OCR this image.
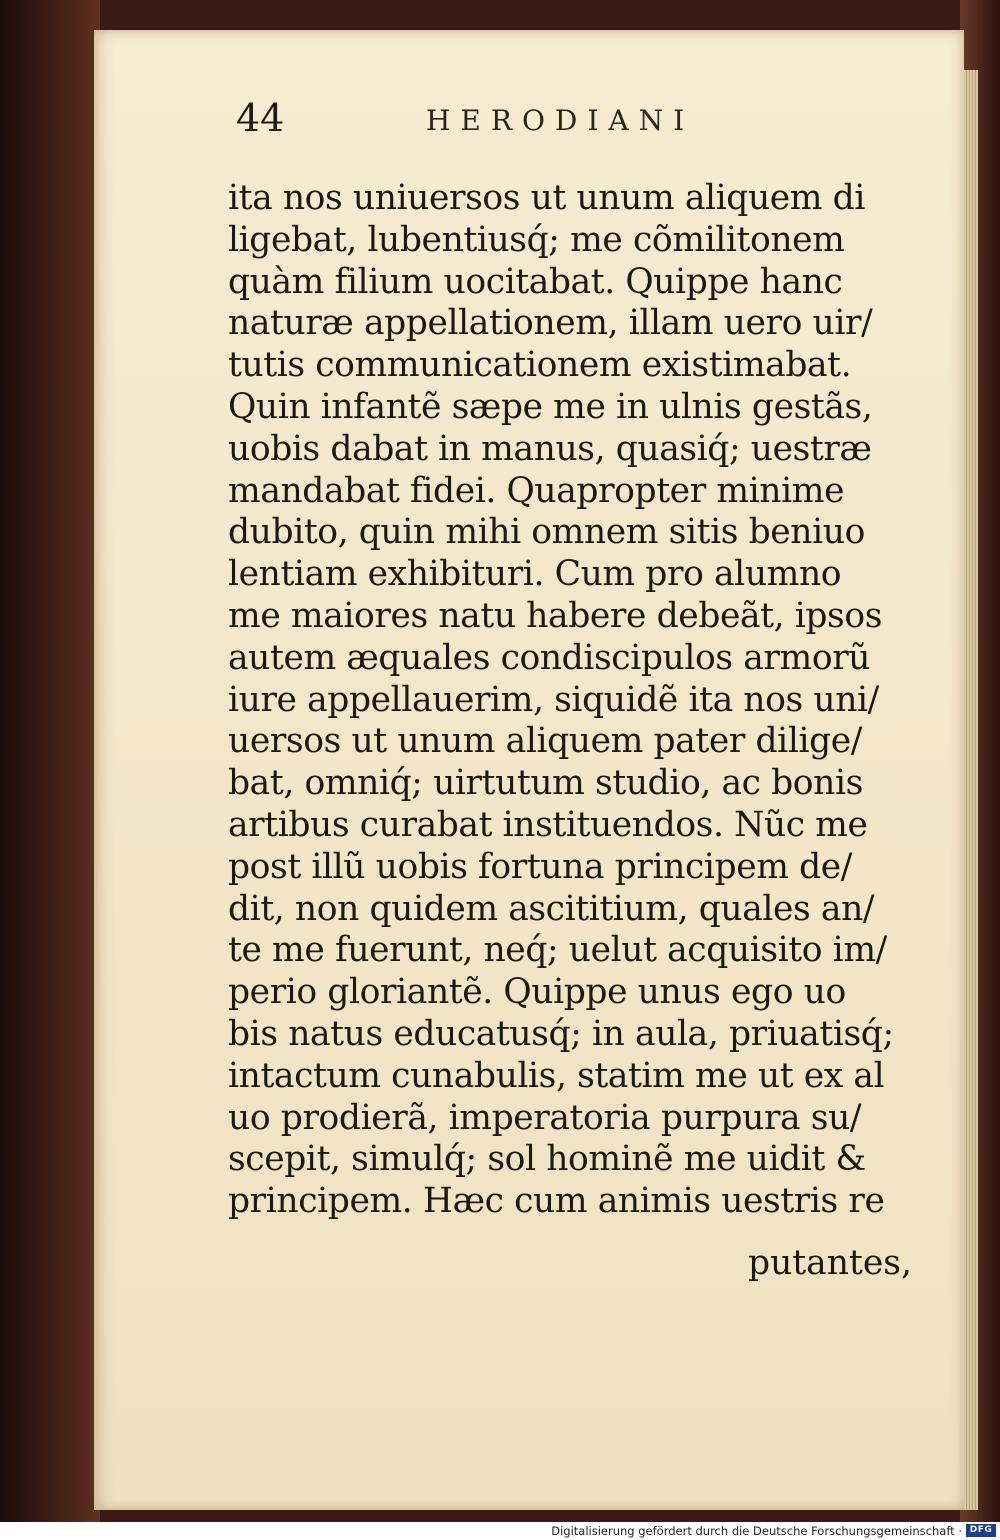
44	HERODIANI
ita nos uniuersos ut unum aliquem di
ligebat, lubentiusq́; me cõmilitonem
quàm filium uocitabat. Quippe hanc
naturæ appellationem, illam uero uir/
tutis communicationem existimabat.
Quin infantẽ sæpe me in ulnis gestãs,
uobis dabat in manus, quasiq́; uestræ
mandabat fidei. Quapropter minime
dubito, quin mihi omnem sitis beniuo
lentiam exhibituri. Cum pro alumno
me maiores natu habere debeãt, ipsos
autem æquales condiscipulos armorũ
iure appellauerim, siquidẽ ita nos uni/
uersos ut unum aliquem pater dilige/
bat, omniq́; uirtutum studio, ac bonis
artibus curabat instituendos. Nũc me
post illũ uobis fortuna principem de/
dit, non quidem ascititium, quales an/
te me fuerunt, neq́; uelut acquisito im/
perio gloriantẽ. Quippe unus ego uo
bis natus educatusq́; in aula, priuatisq́;
intactum cunabulis, statim me ut ex al
uo prodierã, imperatoria purpura su/
scepit, simulq́; sol hominẽ me uidit &
principem. Hæc cum animis uestris re
putantes,
Digitalisierung gefördert durch die Deutsche Forschungsgemeinschaft · DFG
